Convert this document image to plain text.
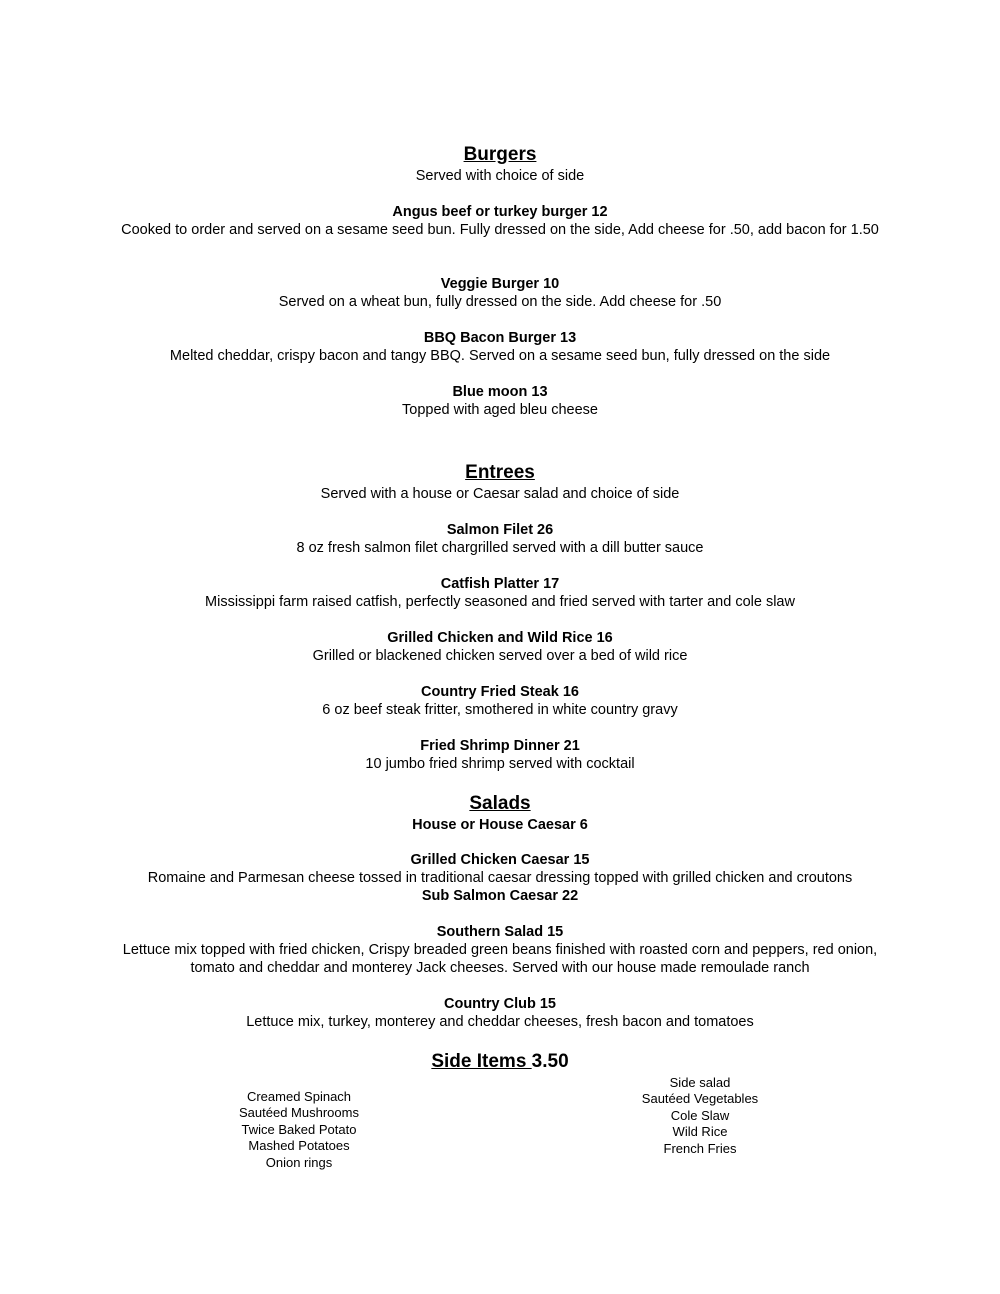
Burgers
Served with choice of side
Angus beef or turkey burger 12
Cooked to order and served on a sesame seed bun. Fully dressed on the side, Add cheese for .50, add bacon for 1.50
Veggie Burger 10
Served on a wheat bun, fully dressed on the side. Add cheese for .50
BBQ Bacon Burger 13
Melted cheddar, crispy bacon and tangy BBQ. Served on a sesame seed bun, fully dressed on the side
Blue moon 13
Topped with aged bleu cheese
Entrees
Served with a house or Caesar salad and choice of side
Salmon Filet 26
8 oz fresh salmon filet chargrilled served with a dill butter sauce
Catfish Platter 17
Mississippi farm raised catfish, perfectly seasoned and fried served with tarter and cole slaw
Grilled Chicken and Wild Rice 16
Grilled or blackened chicken served over a bed of wild rice
Country Fried Steak 16
6 oz beef steak fritter, smothered in white country gravy
Fried Shrimp Dinner 21
10 jumbo fried shrimp served with cocktail
Salads
House or House Caesar 6
Grilled Chicken Caesar 15
Romaine and Parmesan cheese tossed in traditional caesar dressing topped with grilled chicken and croutons
Sub Salmon Caesar 22
Southern Salad 15
Lettuce mix topped with fried chicken, Crispy breaded green beans finished with roasted corn and peppers, red onion, tomato and cheddar and monterey Jack cheeses. Served with our house made remoulade ranch
Country Club 15
Lettuce mix, turkey, monterey and cheddar cheeses, fresh bacon and tomatoes
Side Items 3.50
Creamed Spinach
Sautéed Mushrooms
Twice Baked Potato
Mashed Potatoes
Onion rings
Side salad
Sautéed Vegetables
Cole Slaw
Wild Rice
French Fries
